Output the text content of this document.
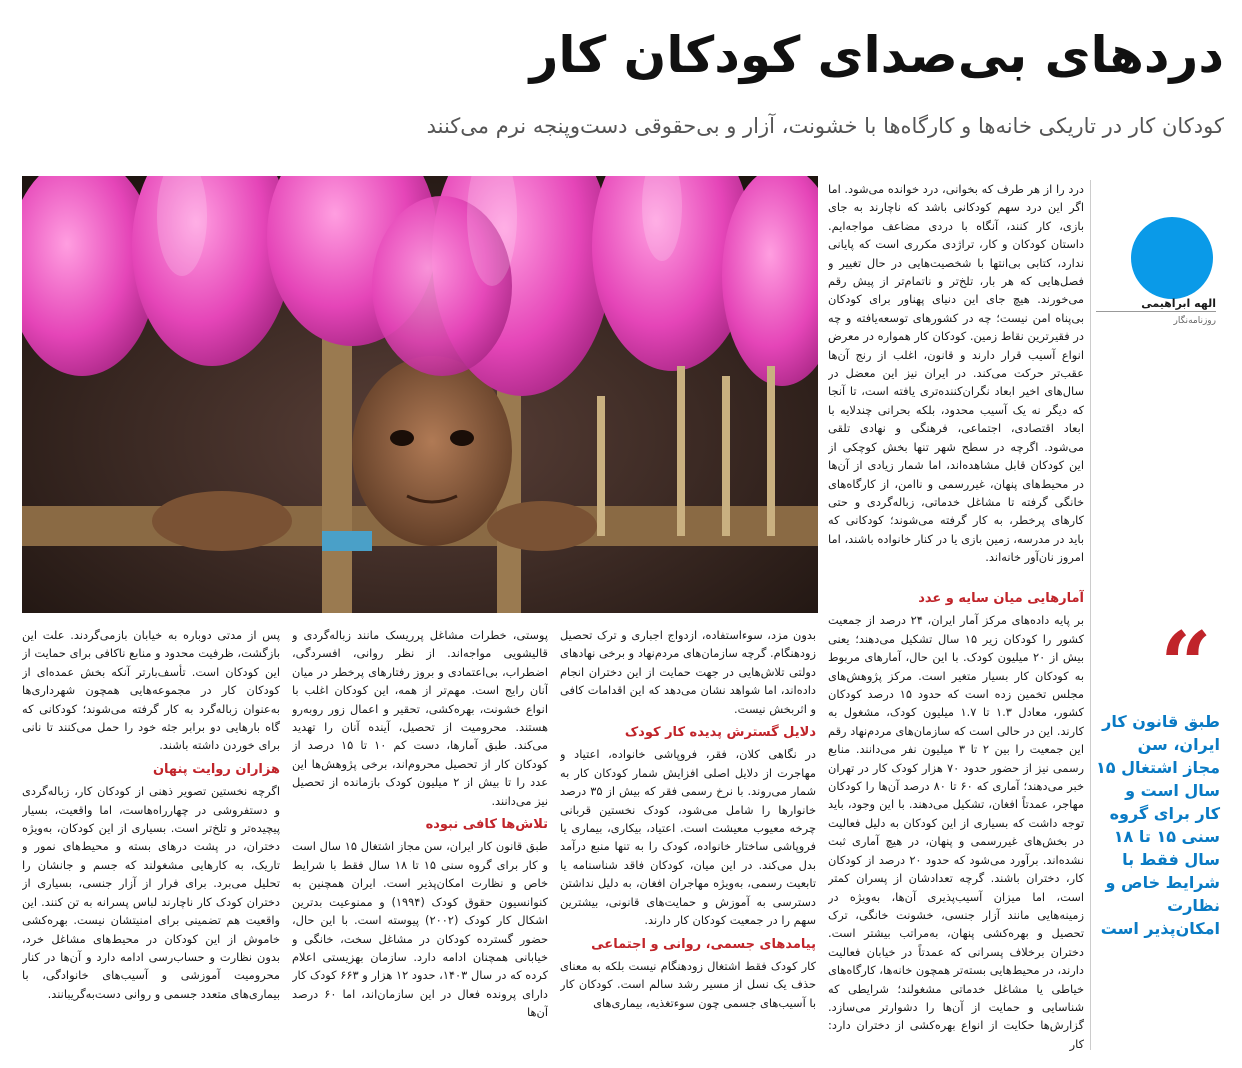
دردهای بی‌صدای کودکان کار
کودکان کار در تاریکی خانه‌ها و کارگاه‌ها با خشونت، آزار و بی‌حقوقی دست‌وپنجه نرم می‌کنند
الهه ابراهیمی
روزنامه‌نگار
“
طبق قانون کار ایران، سن مجاز اشتغال ۱۵ سال است و کار برای گروه سنی ۱۵ تا ۱۸ سال فقط با شرایط خاص و نظارت امکان‌پذیر است

درد را از هر طرف که بخوانی، درد خوانده می‌شود. اما اگر این درد سهم کودکانی باشد که ناچارند به جای بازی، کار کنند، آنگاه با دردی مضاعف مواجه‌ایم. داستان کودکان و کار، تراژدی مکرری است که پایانی ندارد، کتابی بی‌انتها با شخصیت‌هایی در حال تغییر و فصل‌هایی که هر بار، تلخ‌تر و ناتمام‌تر از پیش رقم می‌خورند. هیچ جای این دنیای پهناور برای کودکان بی‌پناه امن نیست؛ چه در کشورهای توسعه‌یافته و چه در فقیرترین نقاط زمین. کودکان کار همواره در معرض انواع آسیب قرار دارند و قانون، اغلب از رنج آن‌ها عقب‌تر حرکت می‌کند. در ایران نیز این معضل در سال‌های اخیر ابعاد نگران‌کننده‌تری یافته است، تا آنجا که دیگر نه یک آسیب محدود، بلکه بحرانی چندلایه با ابعاد اقتصادی، اجتماعی، فرهنگی و نهادی تلقی می‌شود. اگرچه در سطح شهر تنها بخش کوچکی از این کودکان قابل مشاهده‌اند، اما شمار زیادی از آن‌ها در محیط‌های پنهان، غیررسمی و ناامن، از کارگاه‌های خانگی گرفته تا مشاغل خدماتی، زباله‌گردی و حتی کارهای پرخطر، به کار گرفته می‌شوند؛ کودکانی که باید در مدرسه، زمین بازی یا در کنار خانواده باشند، اما امروز نان‌آور خانه‌اند.

آمارهایی میان سایه و عدد

بر پایه داده‌های مرکز آمار ایران، ۲۴ درصد از جمعیت کشور را کودکان زیر ۱۵ سال تشکیل می‌دهند؛ یعنی بیش از ۲۰ میلیون کودک. با این حال، آمارهای مربوط به کودکان کار بسیار متغیر است. مرکز پژوهش‌های مجلس تخمین زده است که حدود ۱۵ درصد کودکان کشور، معادل ۱.۳ تا ۱.۷ میلیون کودک، مشغول به کارند. این در حالی است که سازمان‌های مردم‌نهاد رقم این جمعیت را بین ۲ تا ۳ میلیون نفر می‌دانند. منابع رسمی نیز از حضور حدود ۷۰ هزار کودک کار در تهران خبر می‌دهند؛ آماری که ۶۰ تا ۸۰ درصد آن‌ها را کودکان مهاجر، عمدتاً افغان، تشکیل می‌دهند. با این وجود، باید توجه داشت که بسیاری از این کودکان به دلیل فعالیت در بخش‌های غیررسمی و پنهان، در هیچ آماری ثبت نشده‌اند. برآورد می‌شود که حدود ۲۰ درصد از کودکان کار، دختران باشند. گرچه تعدادشان از پسران کمتر است، اما میزان آسیب‌پذیری آن‌ها، به‌ویژه در زمینه‌هایی مانند آزار جنسی، خشونت خانگی، ترک تحصیل و بهره‌کشی پنهان، به‌مراتب بیشتر است. دختران برخلاف پسرانی که عمدتاً در خیابان فعالیت دارند، در محیط‌هایی بسته‌تر همچون خانه‌ها، کارگاه‌های خیاطی یا مشاغل خدماتی مشغولند؛ شرایطی که شناسایی و حمایت از آن‌ها را دشوارتر می‌سازد. گزارش‌ها حکایت از انواع بهره‌کشی از دختران دارد: کار

بدون مزد، سوءاستفاده، ازدواج اجباری و ترک تحصیل زودهنگام. گرچه سازمان‌های مردم‌نهاد و برخی نهادهای دولتی تلاش‌هایی در جهت حمایت از این دختران انجام داده‌اند، اما شواهد نشان می‌دهد که این اقدامات کافی و اثربخش نیست.

دلایل گسترش پدیده کار کودک

در نگاهی کلان، فقر، فروپاشی خانواده، اعتیاد و مهاجرت از دلایل اصلی افزایش شمار کودکان کار به شمار می‌روند. با نرخ رسمی فقر که بیش از ۳۵ درصد خانوارها را شامل می‌شود، کودک نخستین قربانی چرخه معیوب معیشت است. اعتیاد، بیکاری، بیماری یا فروپاشی ساختار خانواده، کودک را به تنها منبع درآمد بدل می‌کند. در این میان، کودکان فاقد شناسنامه یا تابعیت رسمی، به‌ویژه مهاجران افغان، به دلیل نداشتن دسترسی به آموزش و حمایت‌های قانونی، بیشترین سهم را در جمعیت کودکان کار دارند.

پیامدهای جسمی، روانی و اجتماعی

کار کودک فقط اشتغال زودهنگام نیست بلکه به معنای حذف یک نسل از مسیر رشد سالم است. کودکان کار با آسیب‌های جسمی چون سوءتغذیه، بیماری‌های

پوستی، خطرات مشاغل پرریسک مانند زباله‌گردی و قالیشویی مواجه‌اند. از نظر روانی، افسردگی، اضطراب، بی‌اعتمادی و بروز رفتارهای پرخطر در میان آنان رایج است. مهم‌تر از همه، این کودکان اغلب با انواع خشونت، بهره‌کشی، تحقیر و اعمال زور روبه‌رو هستند. محرومیت از تحصیل، آینده آنان را تهدید می‌کند. طبق آمارها، دست کم ۱۰ تا ۱۵ درصد از کودکان کار از تحصیل محروم‌اند، برخی پژوهش‌ها این عدد را تا بیش از ۲ میلیون کودک بازمانده از تحصیل نیز می‌دانند.

تلاش‌ها کافی نبوده

طبق قانون کار ایران، سن مجاز اشتغال ۱۵ سال است و کار برای گروه سنی ۱۵ تا ۱۸ سال فقط با شرایط خاص و نظارت امکان‌پذیر است. ایران همچنین به کنوانسیون حقوق کودک (۱۹۹۴) و ممنوعیت بدترین اشکال کار کودک (۲۰۰۲) پیوسته است. با این حال، حضور گسترده کودکان در مشاغل سخت، خانگی و خیابانی همچنان ادامه دارد. سازمان بهزیستی اعلام کرده که در سال ۱۴۰۳، حدود ۱۲ هزار و ۶۶۳ کودک کار دارای پرونده فعال در این سازمان‌اند، اما ۶۰ درصد آن‌ها

پس از مدتی دوباره به خیابان بازمی‌گردند. علت این بازگشت، ظرفیت محدود و منابع ناکافی برای حمایت از این کودکان است. تأسف‌بارتر آنکه بخش عمده‌ای از کودکان کار در مجموعه‌هایی همچون شهرداری‌ها به‌عنوان زباله‌گرد به کار گرفته می‌شوند؛ کودکانی که گاه بارهایی دو برابر جثه خود را حمل می‌کنند تا نانی برای خوردن داشته باشند.

هزاران روایت پنهان

اگرچه نخستین تصویر ذهنی از کودکان کار، زباله‌گردی و دستفروشی در چهارراه‌هاست، اما واقعیت، بسیار پیچیده‌تر و تلخ‌تر است. بسیاری از این کودکان، به‌ویژه دختران، در پشت درهای بسته و محیط‌های نمور و تاریک، به کارهایی مشغولند که جسم و جانشان را تحلیل می‌برد. برای فرار از آزار جنسی، بسیاری از دختران کودک کار ناچارند لباس پسرانه به تن کنند. این واقعیت هم تضمینی برای امنیتشان نیست. بهره‌کشی خاموش از این کودکان در محیط‌های مشاغل خرد، بدون نظارت و حساب‌رسی ادامه دارد و آن‌ها در کنار محرومیت آموزشی و آسیب‌های خانوادگی، با بیماری‌های متعدد جسمی و روانی دست‌به‌گریبانند.
